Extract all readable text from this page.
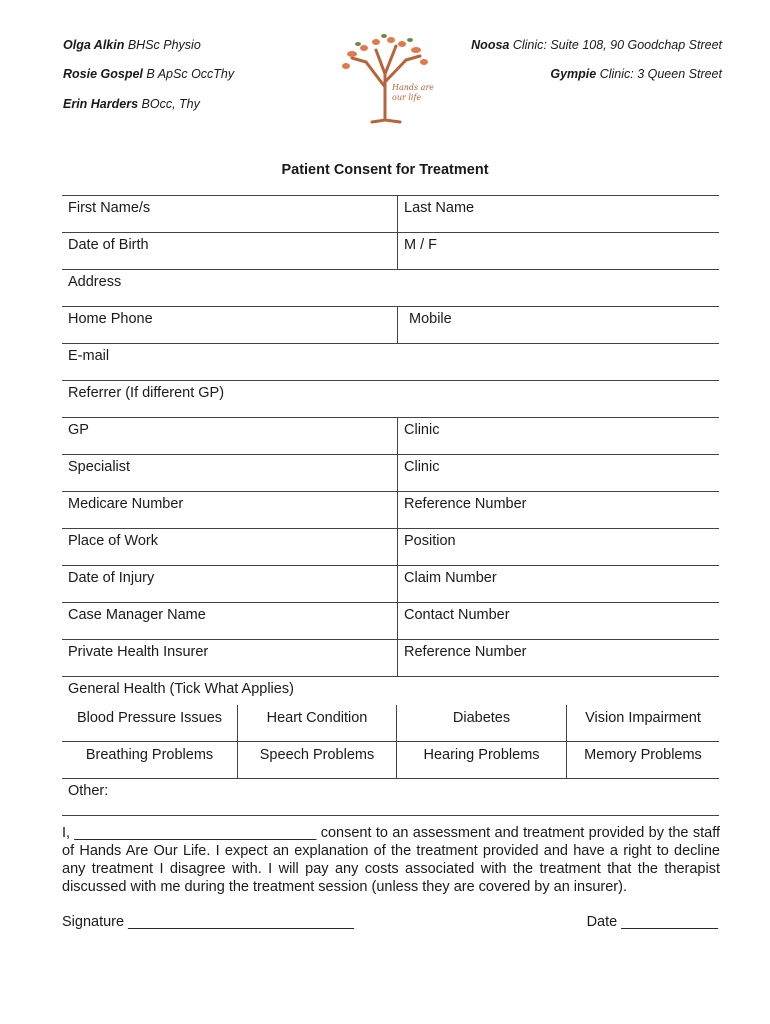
Olga Alkin BHSc Physio
Rosie Gospel B ApSc OccThy
Erin Harders BOcc, Thy
Noosa Clinic: Suite 108, 90 Goodchap Street
Gympie Clinic: 3 Queen Street
Hands are
our life
Patient Consent for Treatment
First Name/s	Last Name
Date of Birth	M / F
Address
Home Phone	Mobile
E-mail
Referrer (If different GP)
GP	Clinic
Specialist	Clinic
Medicare Number	Reference Number
Place of Work	Position
Date of Injury	Claim Number
Case Manager Name	Contact Number
Private Health Insurer	Reference Number
General Health (Tick What Applies)
Blood Pressure Issues	Heart Condition	Diabetes	Vision Impairment
Breathing Problems	Speech Problems	Hearing Problems	Memory Problems
Other:
I, ______________________________ consent to an assessment and treatment provided by the staff of Hands Are Our Life. I expect an explanation of the treatment provided and have a right to decline any treatment I disagree with. I will pay any costs associated with the treatment that the therapist discussed with me during the treatment session (unless they are covered by an insurer).
Signature ____________________________	Date ____________
